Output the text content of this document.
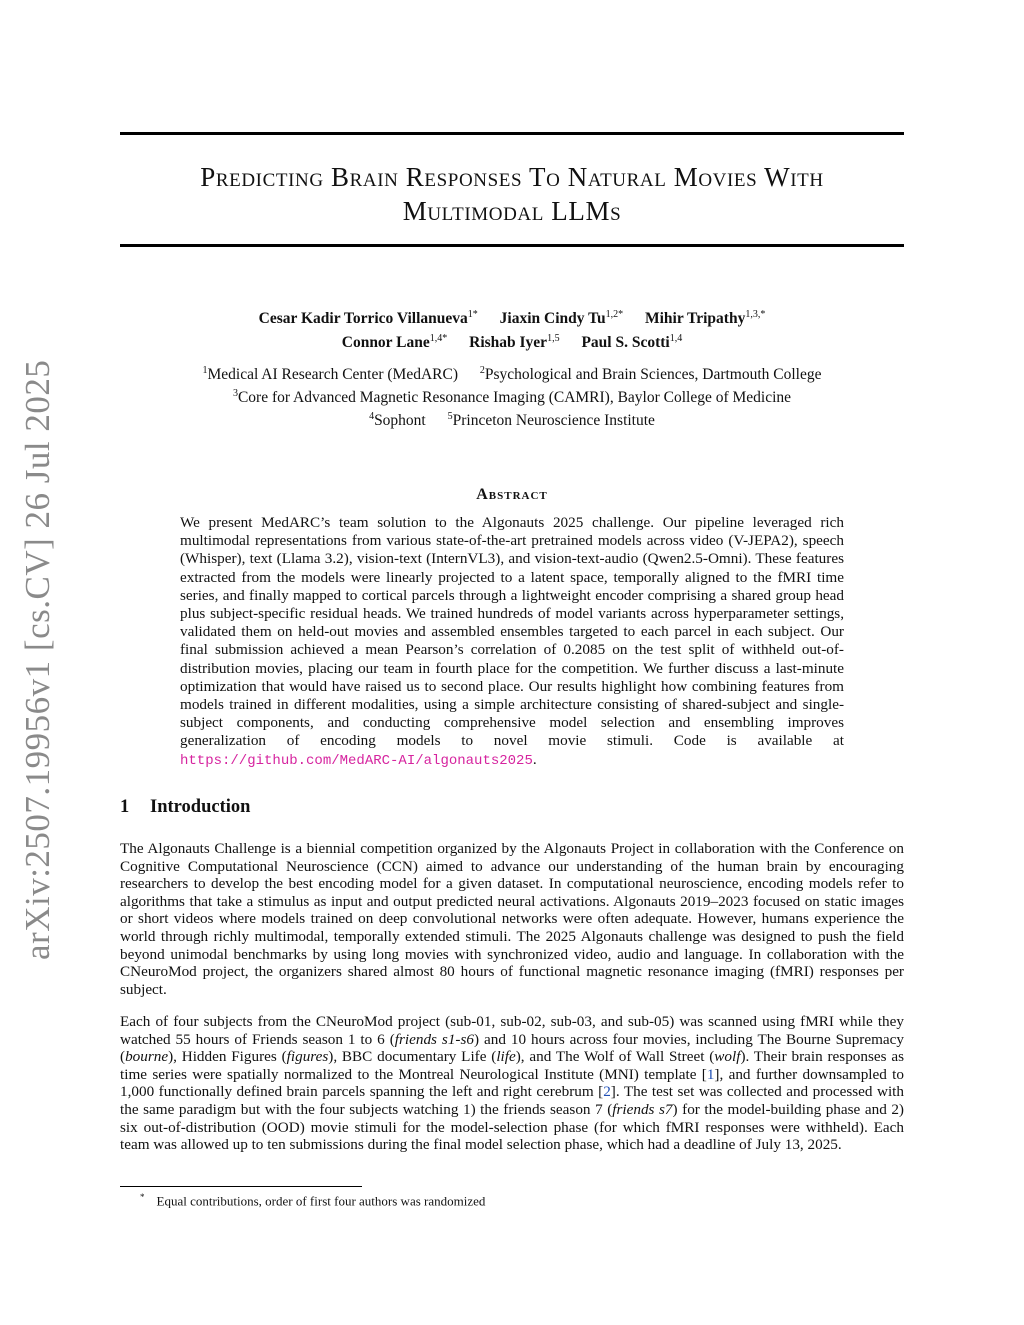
arXiv:2507.19956v1 [cs.CV] 26 Jul 2025
Predicting Brain Responses To Natural Movies With
Multimodal LLMs
Cesar Kadir Torrico Villanueva$^{1*}$ Jiaxin Cindy $Tu^{1,2*}$ Mihir Tripathy$^{1,3,*}$
Connor Lane$^{1,4*}$ Rishab Iyer$^{1,5}$ Paul S. Scotti$^{1,4}$
$^1$Medical AI Research Center (MedARC) $^2$Psychological and Brain Sciences, Dartmouth College
$^3$Core for Advanced Magnetic Resonance Imaging (CAMRI), Baylor College of Medicine
$^4$Sophont $^5$Princeton Neuroscience Institute
Abstract
We present MedARC’s team solution to the Algonauts 2025 challenge. Our pipeline leveraged rich multimodal representations from various state-of-the-art pretrained models across video (V-JEPA2), speech (Whisper), text (Llama 3.2), vision-text (InternVL3), and vision-text-audio (Qwen2.5-Omni). These features extracted from the models were linearly projected to a latent space, temporally aligned to the fMRI time series, and finally mapped to cortical parcels through a lightweight encoder comprising a shared group head plus subject-specific residual heads. We trained hundreds of model variants across hyperparameter settings, validated them on held-out movies and assembled ensembles targeted to each parcel in each subject. Our final submission achieved a mean Pearson’s correlation of 0.2085 on the test split of withheld out-of-distribution movies, placing our team in fourth place for the competition. We further discuss a last-minute optimization that would have raised us to second place. Our results highlight how combining features from models trained in different modalities, using a simple architecture consisting of shared-subject and single-subject components, and conducting comprehensive model selection and ensembling improves generalization of encoding models to novel movie stimuli. Code is available at https://github.com/MedARC-AI/algonauts2025.
1 Introduction
The Algonauts Challenge is a biennial competition organized by the Algonauts Project in collaboration with the Conference on Cognitive Computational Neuroscience (CCN) aimed to advance our understanding of the human brain by encouraging researchers to develop the best encoding model for a given dataset. In computational neuroscience, encoding models refer to algorithms that take a stimulus as input and output predicted neural activations. Algonauts 2019–2023 focused on static images or short videos where models trained on deep convolutional networks were often adequate. However, humans experience the world through richly multimodal, temporally extended stimuli. The 2025 Algonauts challenge was designed to push the field beyond unimodal benchmarks by using long movies with synchronized video, audio and language. In collaboration with the CNeuroMod project, the organizers shared almost 80 hours of functional magnetic resonance imaging (fMRI) responses per subject.
Each of four subjects from the CNeuroMod project (sub-01, sub-02, sub-03, and sub-05) was scanned using fMRI while they watched 55 hours of Friends season 1 to 6 (friends s1-s6) and 10 hours across four movies, including The Bourne Supremacy (bourne), Hidden Figures (figures), BBC documentary Life (life), and The Wolf of Wall Street (wolf). Their brain responses as time series were spatially normalized to the Montreal Neurological Institute (MNI) template [1], and further downsampled to 1,000 functionally defined brain parcels spanning the left and right cerebrum [2]. The test set was collected and processed with the same paradigm but with the four subjects watching 1) the friends season 7 (friends s7) for the model-building phase and 2) six out-of-distribution (OOD) movie stimuli for the model-selection phase (for which fMRI responses were withheld). Each team was allowed up to ten submissions during the final model selection phase, which had a deadline of July 13, 2025.
* Equal contributions, order of first four authors was randomized
